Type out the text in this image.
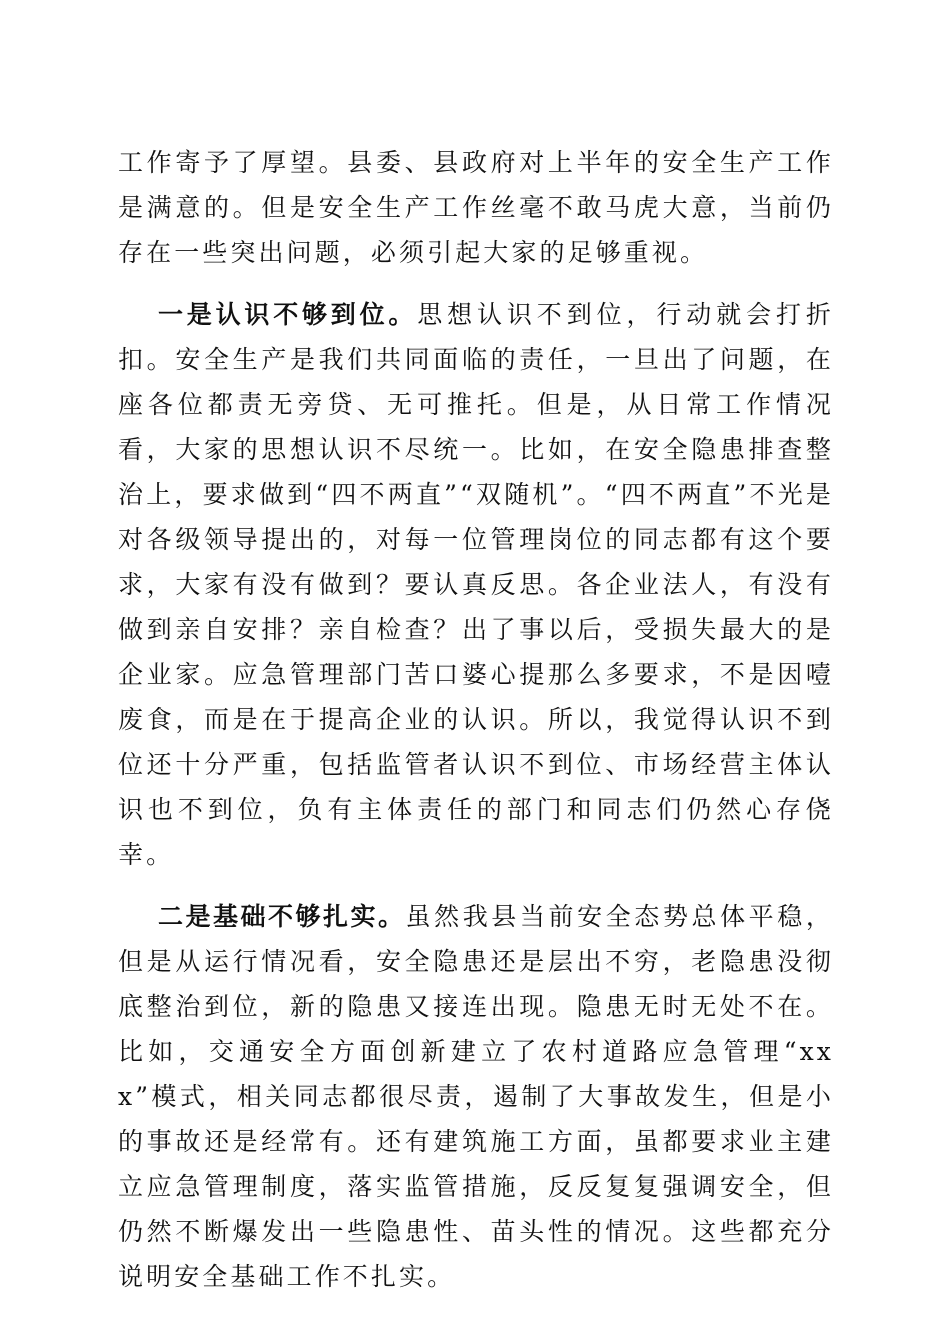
工作寄予了厚望。县委、县政府对上半年的安全生产工作是满意的。但是安全生产工作丝毫不敢马虎大意，当前仍存在一些突出问题，必须引起大家的足够重视。

一是认识不够到位。思想认识不到位，行动就会打折扣。安全生产是我们共同面临的责任，一旦出了问题，在座各位都责无旁贷、无可推托。但是，从日常工作情况看，大家的思想认识不尽统一。比如，在安全隐患排查整治上，要求做到“四不两直”“双随机”。“四不两直”不光是对各级领导提出的，对每一位管理岗位的同志都有这个要求，大家有没有做到？要认真反思。各企业法人，有没有做到亲自安排？亲自检查？出了事以后，受损失最大的是企业家。应急管理部门苦口婆心提那么多要求，不是因噎废食，而是在于提高企业的认识。所以，我觉得认识不到位还十分严重，包括监管者认识不到位、市场经营主体认识也不到位，负有主体责任的部门和同志们仍然心存侥幸。

二是基础不够扎实。虽然我县当前安全态势总体平稳，但是从运行情况看，安全隐患还是层出不穷，老隐患没彻底整治到位，新的隐患又接连出现。隐患无时无处不在。比如，交通安全方面创新建立了农村道路应急管理“xxx”模式，相关同志都很尽责，遏制了大事故发生，但是小的事故还是经常有。还有建筑施工方面，虽都要求业主建立应急管理制度，落实监管措施，反反复复强调安全，但仍然不断爆发出一些隐患性、苗头性的情况。这些都充分说明安全基础工作不扎实。
